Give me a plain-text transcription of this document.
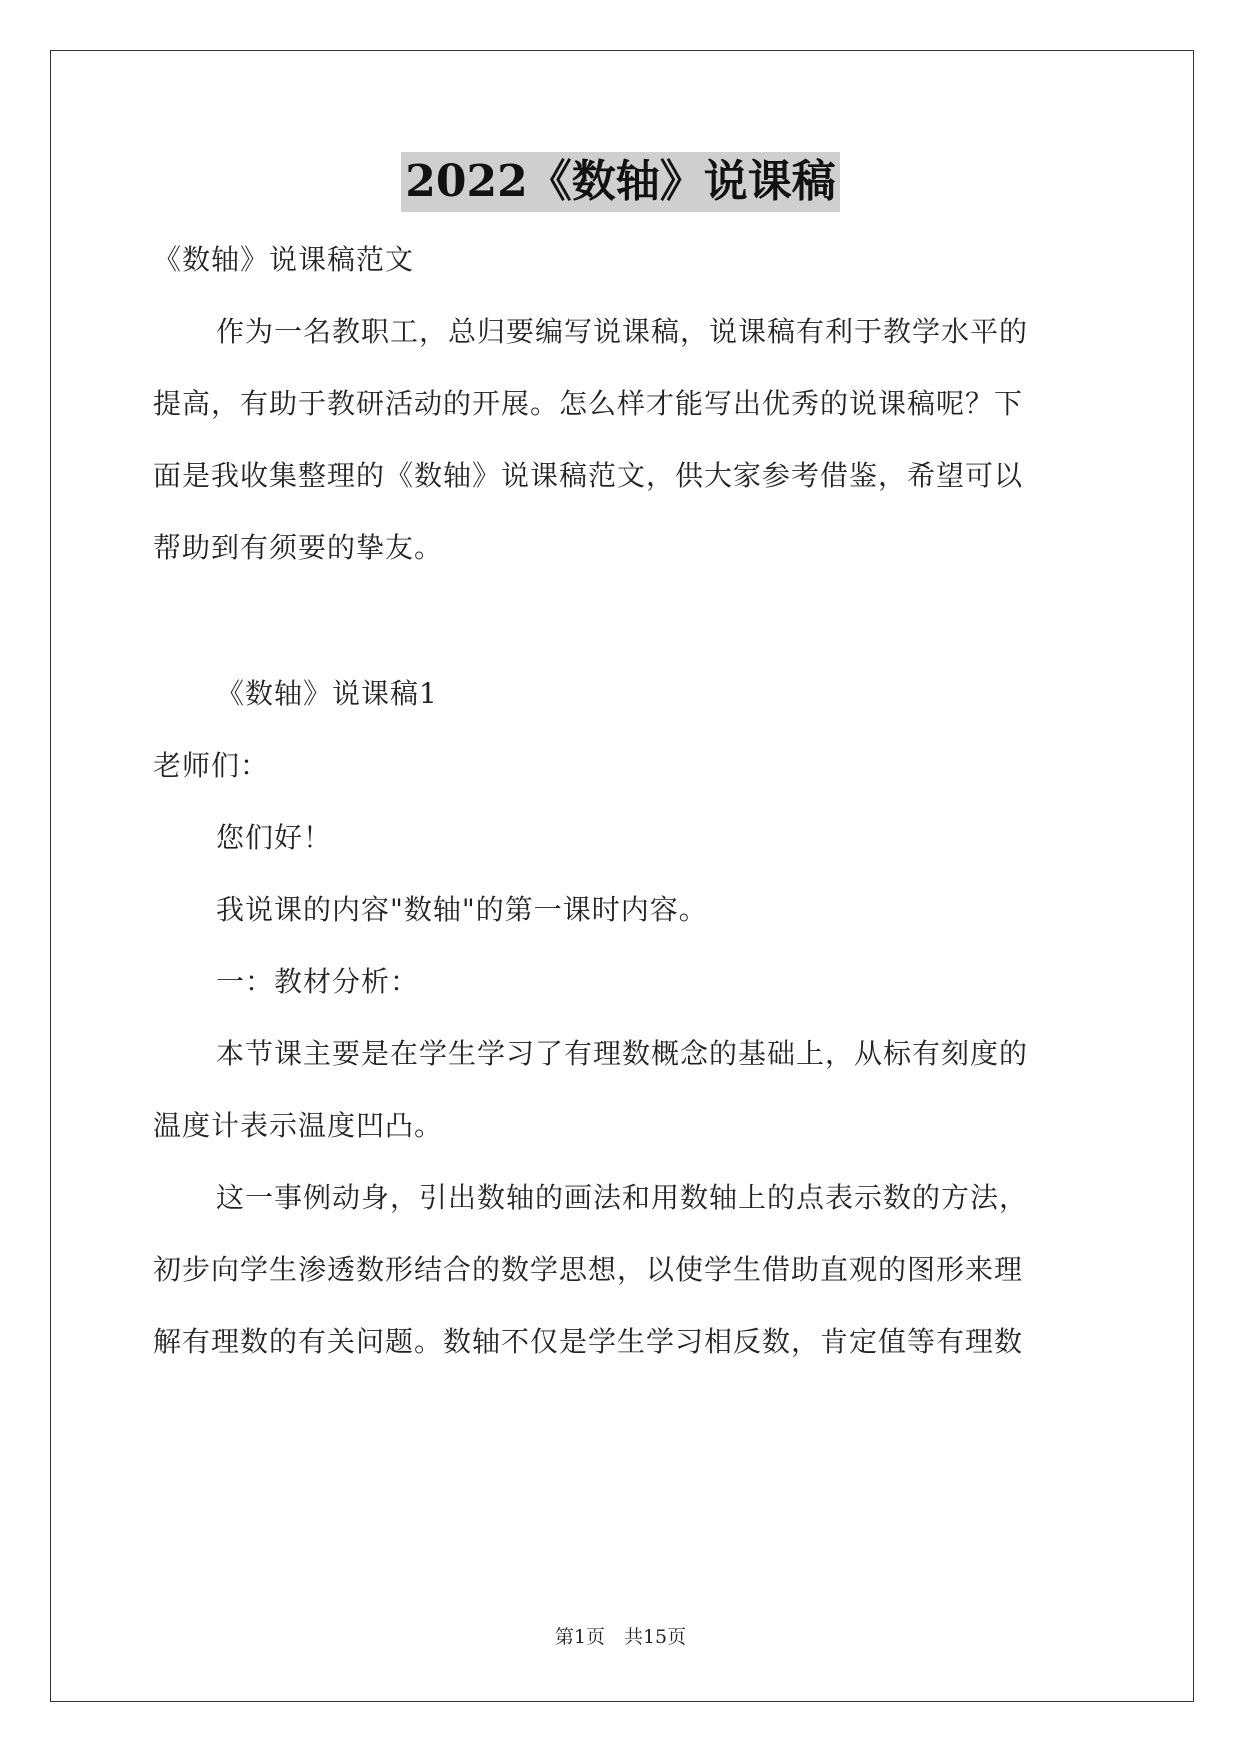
2022《数轴》说课稿
《数轴》说课稿范文
作为一名教职工，总归要编写说课稿，说课稿有利于教学水平的
提高，有助于教研活动的开展。怎么样才能写出优秀的说课稿呢？下
面是我收集整理的《数轴》说课稿范文，供大家参考借鉴，希望可以
帮助到有须要的挚友。
《数轴》说课稿1
老师们：
您们好！
我说课的内容"数轴"的第一课时内容。
一：教材分析：
本节课主要是在学生学习了有理数概念的基础上，从标有刻度的
温度计表示温度凹凸。
这一事例动身，引出数轴的画法和用数轴上的点表示数的方法，
初步向学生渗透数形结合的数学思想，以使学生借助直观的图形来理
解有理数的有关问题。数轴不仅是学生学习相反数，肯定值等有理数
第1页　共15页
